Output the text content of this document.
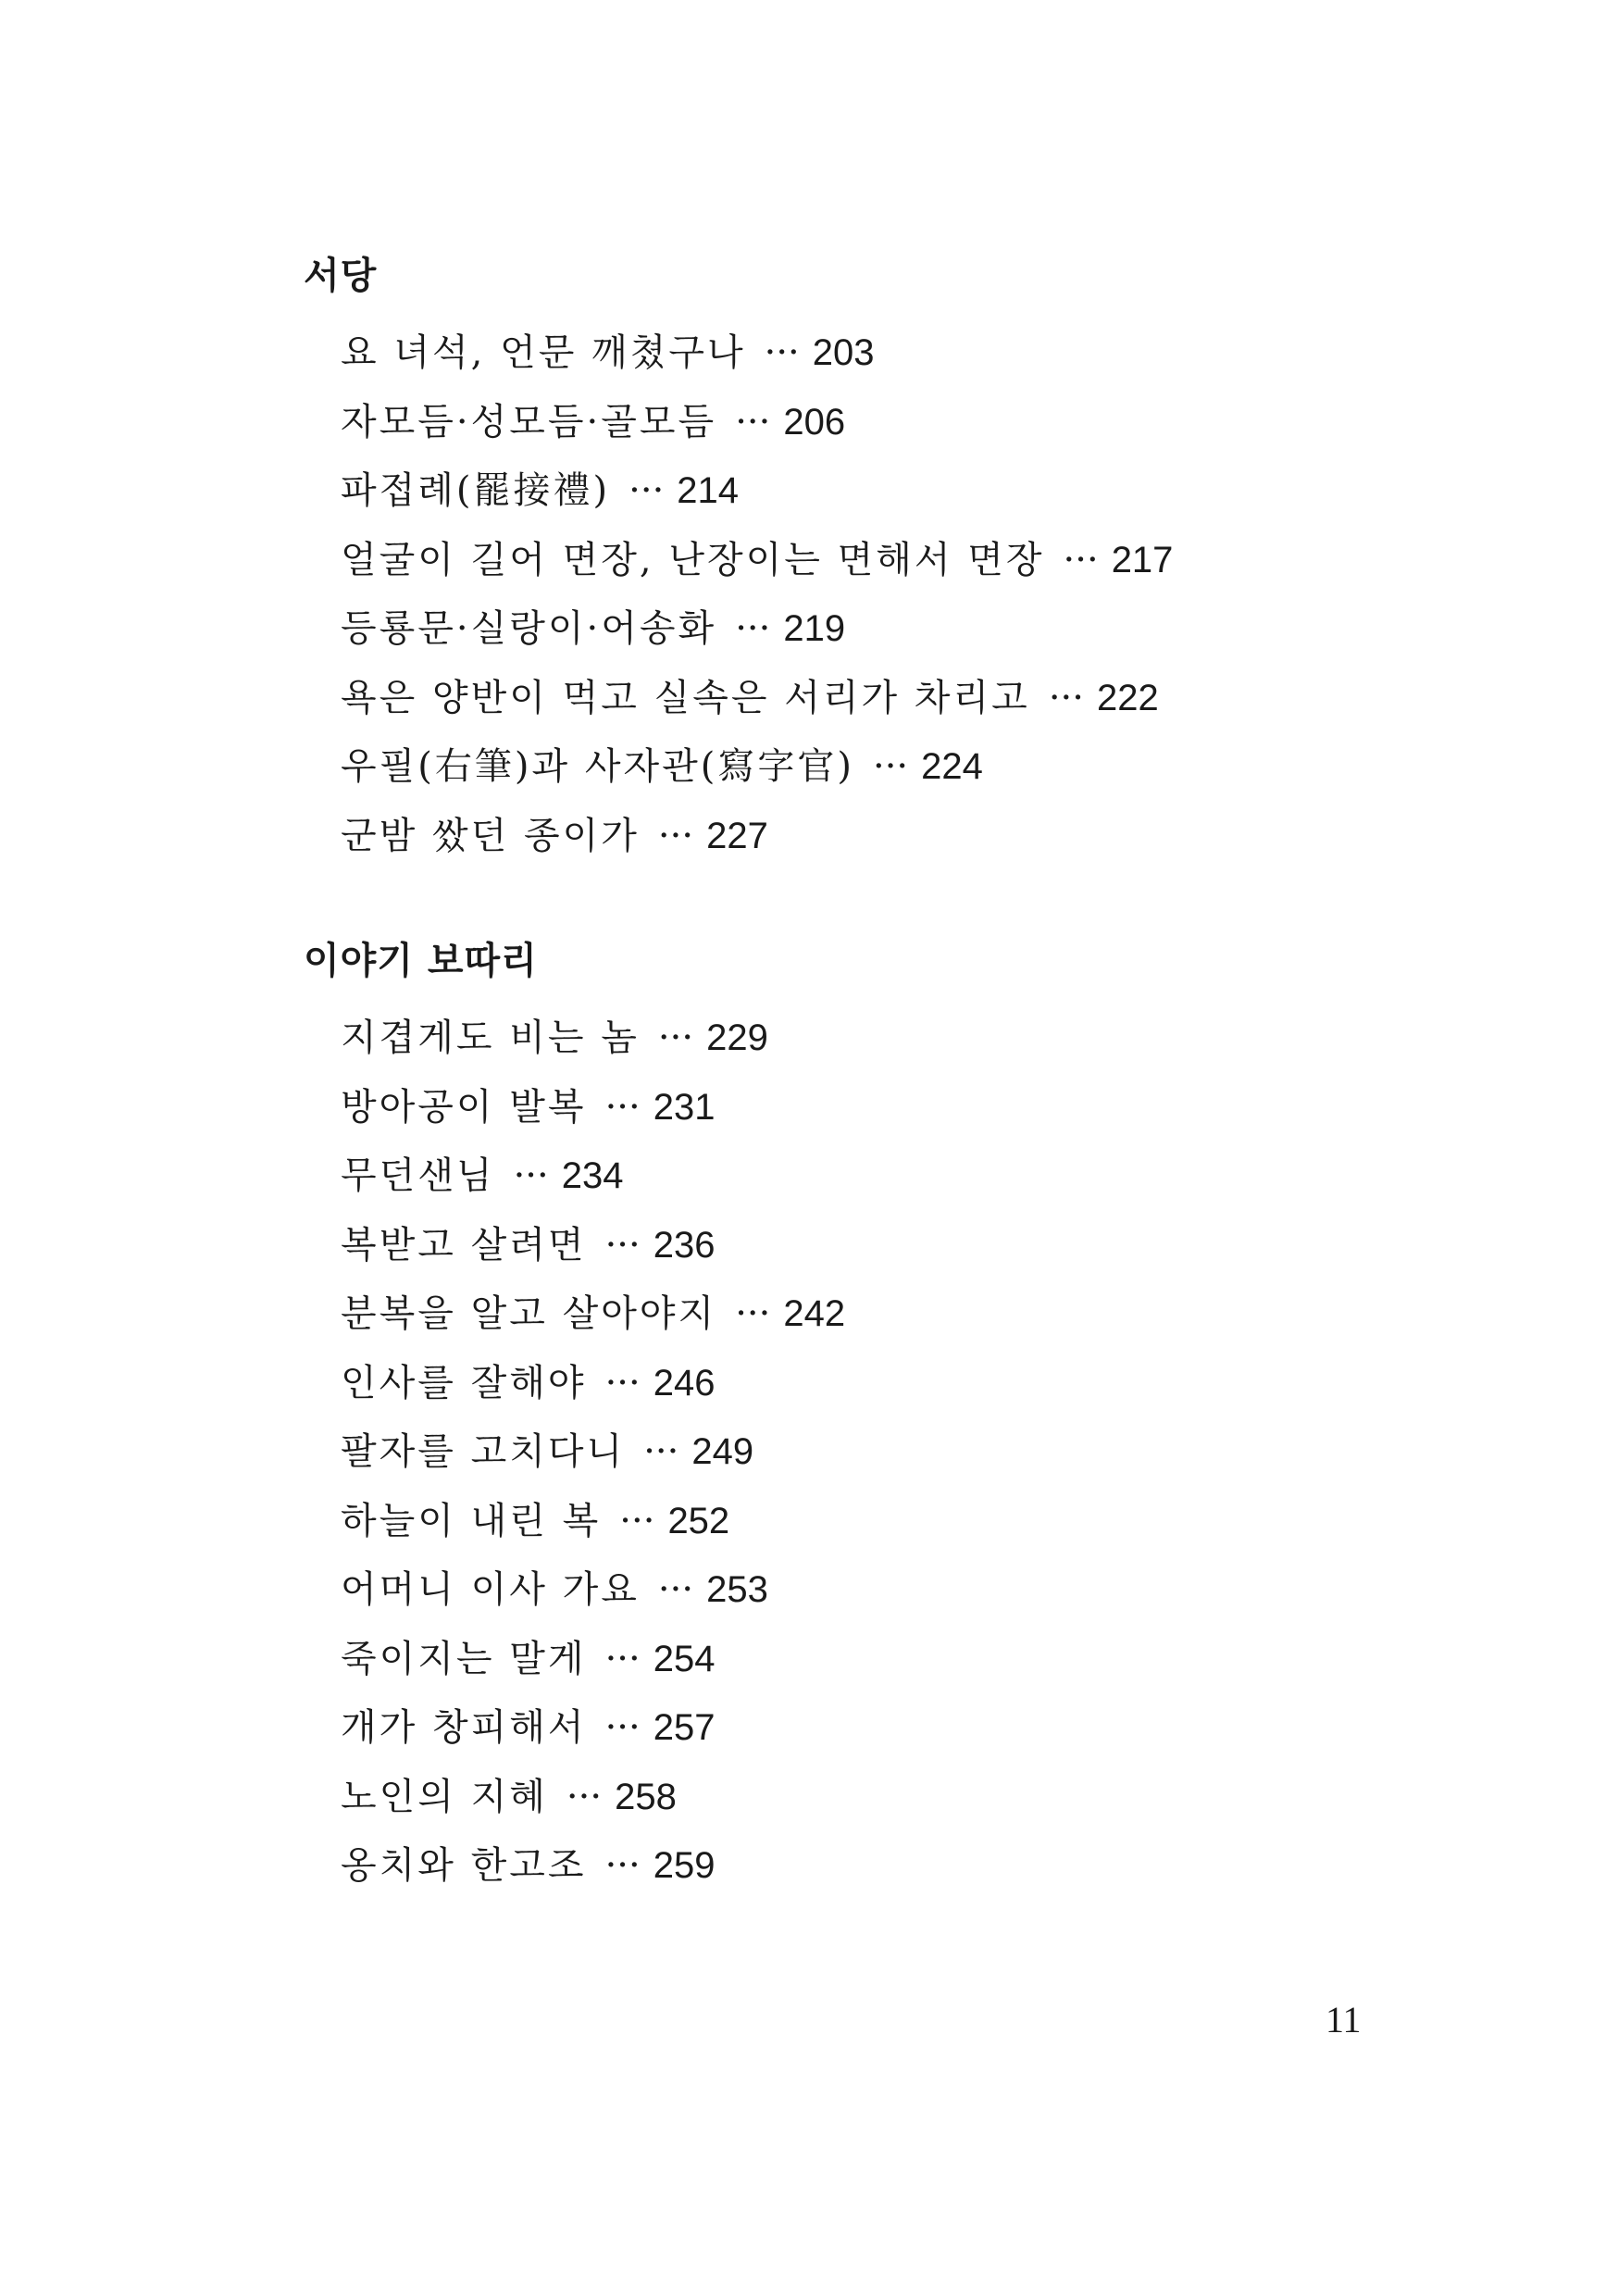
서당
요 녀석, 언문 깨쳤구나 ··· 203
자모듬·성모듬·골모듬 ··· 206
파접례(罷接禮) ··· 214
얼굴이 길어 면장, 난장이는 면해서 면장 ··· 217
등룡문·실랑이·어송화 ··· 219
욕은 양반이 먹고 실속은 서리가 차리고 ··· 222
우필(右筆)과 사자관(寫字官) ··· 224
군밤 쌌던 종이가 ··· 227
이야기 보따리
지겹게도 비는 놈 ··· 229
방아공이 발복 ··· 231
무던샌님 ··· 234
복받고 살려면 ··· 236
분복을 알고 살아야지 ··· 242
인사를 잘해야 ··· 246
팔자를 고치다니 ··· 249
하늘이 내린 복 ··· 252
어머니 이사 가요 ··· 253
죽이지는 말게 ··· 254
개가 창피해서 ··· 257
노인의 지혜 ··· 258
옹치와 한고조 ··· 259
11
